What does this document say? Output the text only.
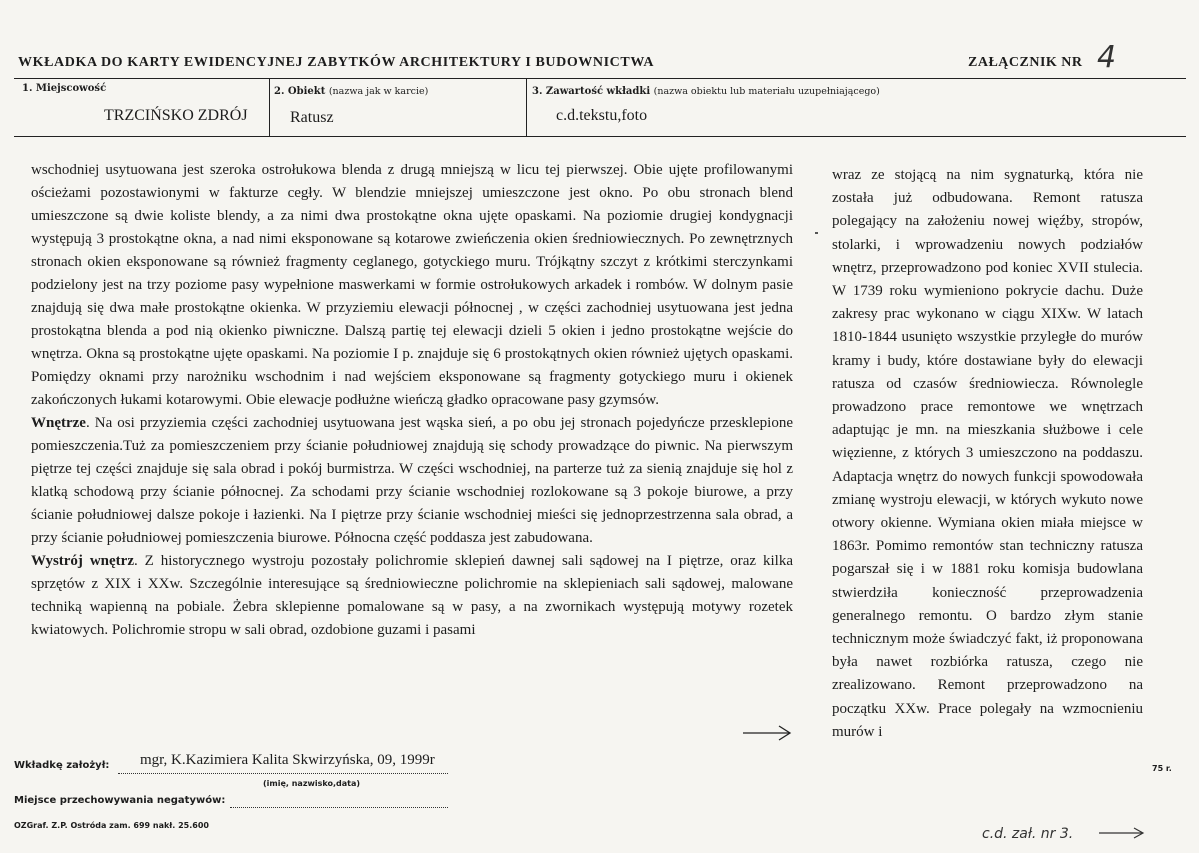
WKŁADKA DO KARTY EWIDENCYJNEJ ZABYTKÓW ARCHITEKTURY I BUDOWNICTWA	ZAŁĄCZNIK NR 4
1. Miejscowość
TRZCIŃSKO ZDRÓJ
2. Obiekt (nazwa jak w karcie)
Ratusz
3. Zawartość wkładki (nazwa obiektu lub materiału uzupełniającego)
c.d.tekstu,foto

wschodniej usytuowana jest szeroka ostrołukowa blenda z drugą mniejszą w licu tej pierwszej. Obie ujęte profilowanymi ościeżami pozostawionymi w fakturze cegły. W blendzie mniejszej umieszczone jest okno. Po obu stronach blend umieszczone są dwie koliste blendy, a za nimi dwa prostokątne okna ujęte opaskami. Na poziomie drugiej kondygnacji występują 3 prostokątne okna, a nad nimi eksponowane są kotarowe zwieńczenia okien średniowiecznych. Po zewnętrznych stronach okien eksponowane są również fragmenty ceglanego, gotyckiego muru. Trójkątny szczyt z krótkimi sterczynkami podzielony jest na trzy poziome pasy wypełnione maswerkami w formie ostrołukowych arkadek i rombów. W dolnym pasie znajdują się dwa małe prostokątne okienka. W przyziemiu elewacji północnej , w części zachodniej usytuowana jest jedna prostokątna blenda a pod nią okienko piwniczne. Dalszą partię tej elewacji dzieli 5 okien i jedno prostokątne wejście do wnętrza. Okna są prostokątne ujęte opaskami. Na poziomie I p. znajduje się 6 prostokątnych okien również ujętych opaskami. Pomiędzy oknami przy narożniku wschodnim i nad wejściem eksponowane są fragmenty gotyckiego muru i okienek zakończonych łukami kotarowymi. Obie elewacje podłużne wieńczą gładko opracowane pasy gzymsów.

Wnętrze. Na osi przyziemia części zachodniej usytuowana jest wąska sień, a po obu jej stronach pojedyńcze przesklepione pomieszczenia.Tuż za pomieszczeniem przy ścianie południowej znajdują się schody prowadzące do piwnic. Na pierwszym piętrze tej części znajduje się sala obrad i pokój burmistrza. W części wschodniej, na parterze tuż za sienią znajduje się hol z klatką schodową przy ścianie północnej. Za schodami przy ścianie wschodniej rozlokowane są 3 pokoje biurowe, a przy ścianie południowej dalsze pokoje i łazienki. Na I piętrze przy ścianie wschodniej mieści się jednoprzestrzenna sala obrad, a przy ścianie południowej pomieszczenia biurowe. Północna część poddasza jest zabudowana.

Wystrój wnętrz. Z historycznego wystroju pozostały polichromie sklepień dawnej sali sądowej na I piętrze, oraz kilka sprzętów z XIX i XXw. Szczególnie interesujące są średniowieczne polichromie na sklepieniach sali sądowej, malowane techniką wapienną na pobiale. Żebra sklepienne pomalowane są w pasy, a na zwornikach występują motywy rozetek kwiatowych. Polichromie stropu w sali obrad, ozdobione guzami i pasami

wraz ze stojącą na nim sygnaturką, która nie została już odbudowana. Remont ratusza polegający na założeniu nowej więźby, stropów, stolarki, i wprowadzeniu nowych podziałów wnętrz, przeprowadzono pod koniec XVII stulecia. W 1739 roku wymieniono pokrycie dachu. Duże zakresy prac wykonano w ciągu XIXw. W latach 1810-1844 usunięto wszystkie przyległe do murów kramy i budy, które dostawiane były do elewacji ratusza od czasów średniowiecza. Równolegle prowadzono prace remontowe we wnętrzach adaptując je mn. na mieszkania służbowe i cele więzienne, z których 3 umieszczono na poddaszu. Adaptacja wnętrz do nowych funkcji spowodowała zmianę wystroju elewacji, w których wykuto nowe otwory okienne. Wymiana okien miała miejsce w 1863r. Pomimo remontów stan techniczny ratusza pogarszał się i w 1881 roku komisja budowlana stwierdziła konieczność przeprowadzenia generalnego remontu. O bardzo złym stanie technicznym może świadczyć fakt, iż proponowana była nawet rozbiórka ratusza, czego nie zrealizowano. Remont przeprowadzono na początku XXw. Prace polegały na wzmocnieniu murów i
Wkładkę założył: mgr, K.Kazimiera Kalita Skwirzyńska, 09, 1999r
(imię, nazwisko,data)
Miejsce przechowywania negatywów:
OZGraf. Z.P. Ostróda zam. 699 nakł. 25.600
75 r.
c.d. zał. nr 3.
